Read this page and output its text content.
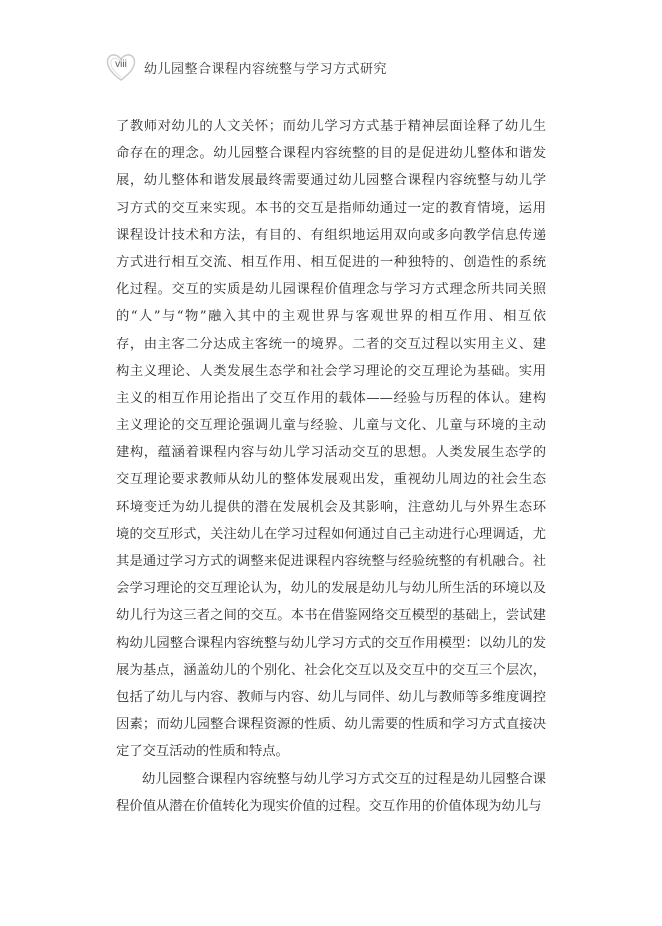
viii	幼儿园整合课程内容统整与学习方式研究
了教师对幼儿的人文关怀；而幼儿学习方式基于精神层面诠释了幼儿生
命存在的理念。幼儿园整合课程内容统整的目的是促进幼儿整体和谐发
展，幼儿整体和谐发展最终需要通过幼儿园整合课程内容统整与幼儿学
习方式的交互来实现。本书的交互是指师幼通过一定的教育情境，运用
课程设计技术和方法，有目的、有组织地运用双向或多向教学信息传递
方式进行相互交流、相互作用、相互促进的一种独特的、创造性的系统
化过程。交互的实质是幼儿园课程价值理念与学习方式理念所共同关照
的“人”与“物”融入其中的主观世界与客观世界的相互作用、相互依
存，由主客二分达成主客统一的境界。二者的交互过程以实用主义、建
构主义理论、人类发展生态学和社会学习理论的交互理论为基础。实用
主义的相互作用论指出了交互作用的载体——经验与历程的体认。建构
主义理论的交互理论强调儿童与经验、儿童与文化、儿童与环境的主动
建构，蕴涵着课程内容与幼儿学习活动交互的思想。人类发展生态学的
交互理论要求教师从幼儿的整体发展观出发，重视幼儿周边的社会生态
环境变迁为幼儿提供的潜在发展机会及其影响，注意幼儿与外界生态环
境的交互形式，关注幼儿在学习过程如何通过自己主动进行心理调适，尤
其是通过学习方式的调整来促进课程内容统整与经验统整的有机融合。社
会学习理论的交互理论认为，幼儿的发展是幼儿与幼儿所生活的环境以及
幼儿行为这三者之间的交互。本书在借鉴网络交互模型的基础上，尝试建
构幼儿园整合课程内容统整与幼儿学习方式的交互作用模型：以幼儿的发
展为基点，涵盖幼儿的个别化、社会化交互以及交互中的交互三个层次，
包括了幼儿与内容、教师与内容、幼儿与同伴、幼儿与教师等多维度调控
因素；而幼儿园整合课程资源的性质、幼儿需要的性质和学习方式直接决
定了交互活动的性质和特点。
幼儿园整合课程内容统整与幼儿学习方式交互的过程是幼儿园整合课
程价值从潜在价值转化为现实价值的过程。交互作用的价值体现为幼儿与
